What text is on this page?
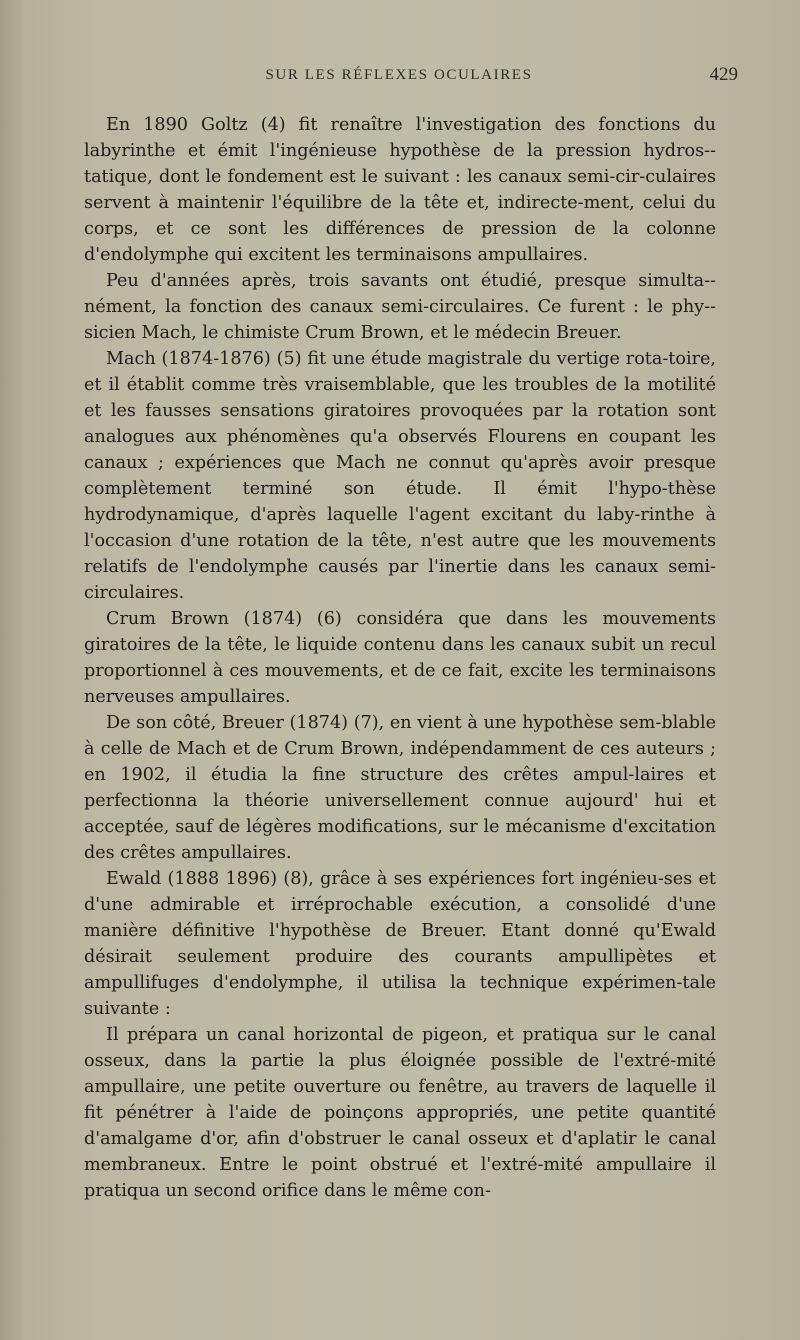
SUR LES RÉFLEXES OCULAIRES	429

En 1890 Goltz (4) fit renaître l'investigation des fonctions du labyrinthe et émit l'ingénieuse hypothèse de la pression hydros-tatique, dont le fondement est le suivant : les canaux semi-cir-culaires servent à maintenir l'équilibre de la tête et, indirecte-ment, celui du corps, et ce sont les différences de pression de la colonne d'endolymphe qui excitent les terminaisons ampullaires.

Peu d'années après, trois savants ont étudié, presque simulta-nément, la fonction des canaux semi-circulaires. Ce furent : le phy-sicien Mach, le chimiste Crum Brown, et le médecin Breuer.

Mach (1874-1876) (5) fit une étude magistrale du vertige rota-toire, et il établit comme très vraisemblable, que les troubles de la motilité et les fausses sensations giratoires provoquées par la rotation sont analogues aux phénomènes qu'a observés Flourens en coupant les canaux ; expériences que Mach ne connut qu'après avoir presque complètement terminé son étude. Il émit l'hypo-thèse hydrodynamique, d'après laquelle l'agent excitant du laby-rinthe à l'occasion d'une rotation de la tête, n'est autre que les mouvements relatifs de l'endolymphe causés par l'inertie dans les canaux semi-circulaires.

Crum Brown (1874) (6) considéra que dans les mouvements giratoires de la tête, le liquide contenu dans les canaux subit un recul proportionnel à ces mouvements, et de ce fait, excite les terminaisons nerveuses ampullaires.

De son côté, Breuer (1874) (7), en vient à une hypothèse sem-blable à celle de Mach et de Crum Brown, indépendamment de ces auteurs ; en 1902, il étudia la fine structure des crêtes ampul-laires et perfectionna la théorie universellement connue aujourd' hui et acceptée, sauf de légères modifications, sur le mécanisme d'excitation des crêtes ampullaires.

Ewald (1888 1896) (8), grâce à ses expériences fort ingénieu-ses et d'une admirable et irréprochable exécution, a consolidé d'une manière définitive l'hypothèse de Breuer. Etant donné qu'Ewald désirait seulement produire des courants ampullipètes et ampullifuges d'endolymphe, il utilisa la technique expérimen-tale suivante :

Il prépara un canal horizontal de pigeon, et pratiqua sur le canal osseux, dans la partie la plus éloignée possible de l'extré-mité ampullaire, une petite ouverture ou fenêtre, au travers de laquelle il fit pénétrer à l'aide de poinçons appropriés, une petite quantité d'amalgame d'or, afin d'obstruer le canal osseux et d'aplatir le canal membraneux. Entre le point obstrué et l'extré-mité ampullaire il pratiqua un second orifice dans le même con-
